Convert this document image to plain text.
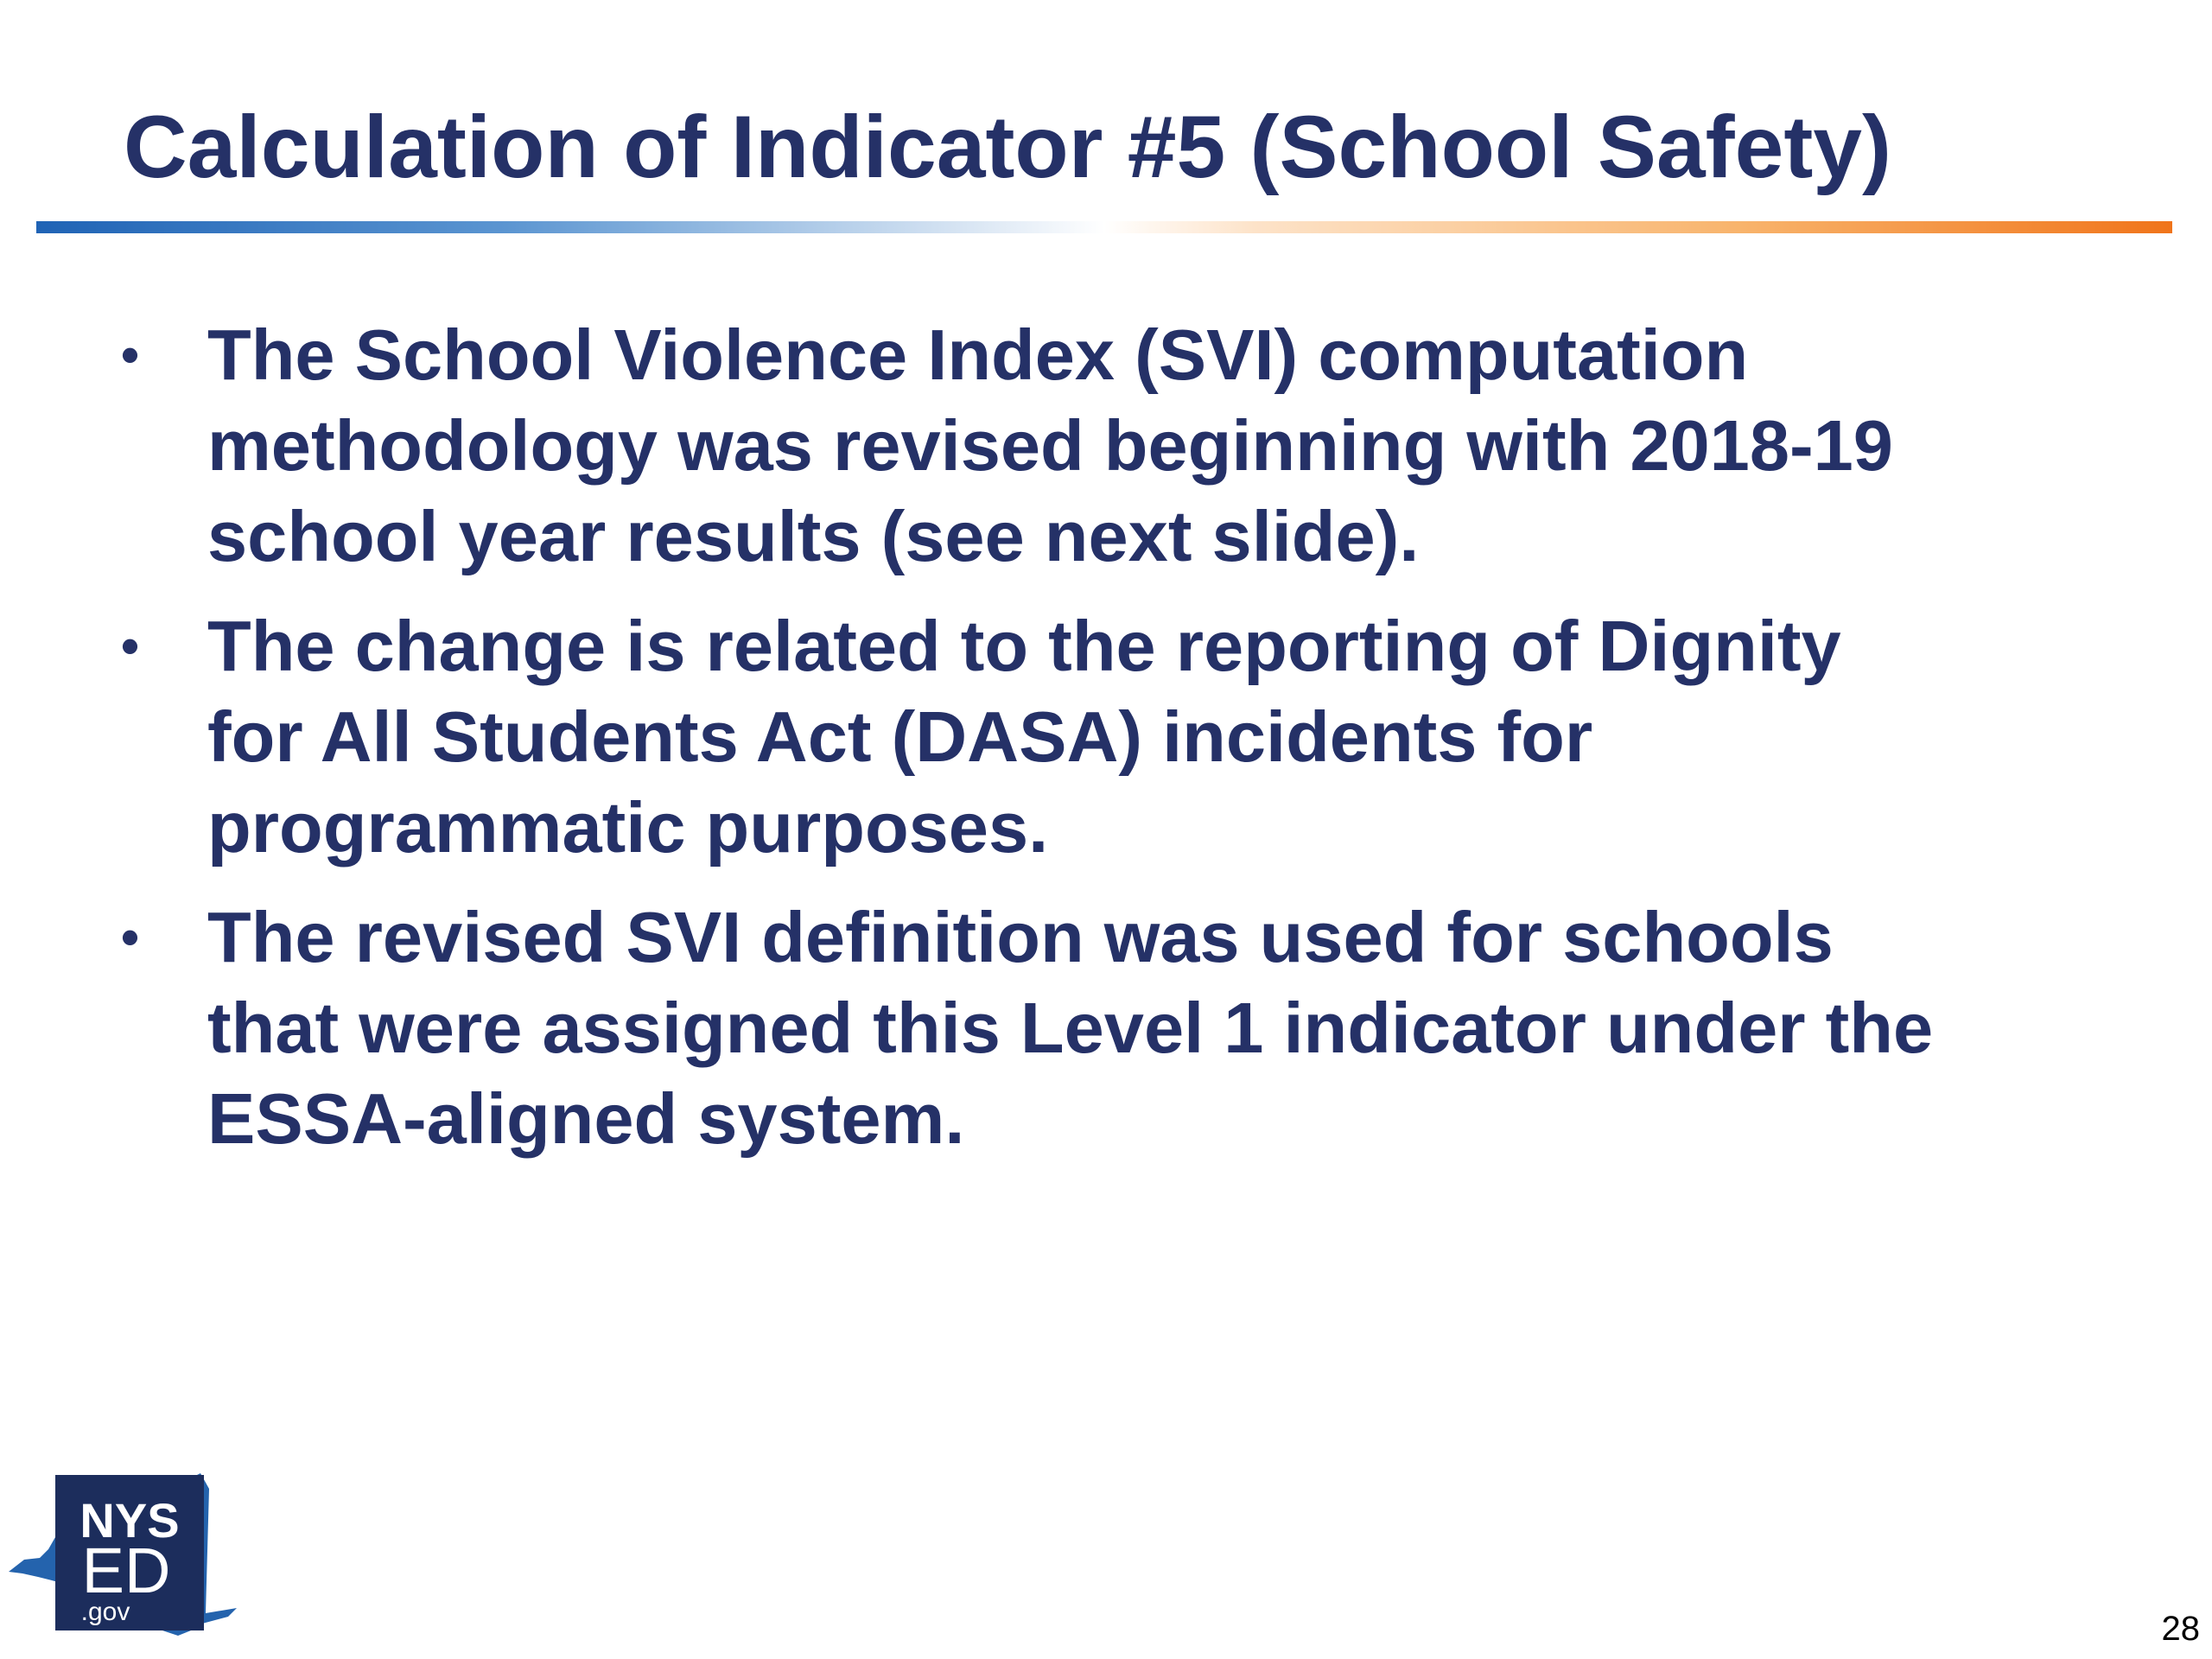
Calculation of Indicator #5 (School Safety)
• The School Violence Index (SVI) computation
methodology was revised beginning with 2018-19
school year results (see next slide).
• The change is related to the reporting of Dignity
for All Students Act (DASA) incidents for
programmatic purposes.
• The revised SVI definition was used for schools
that were assigned this Level 1 indicator under the
ESSA-aligned system.
NYS
ED
.gov	28
